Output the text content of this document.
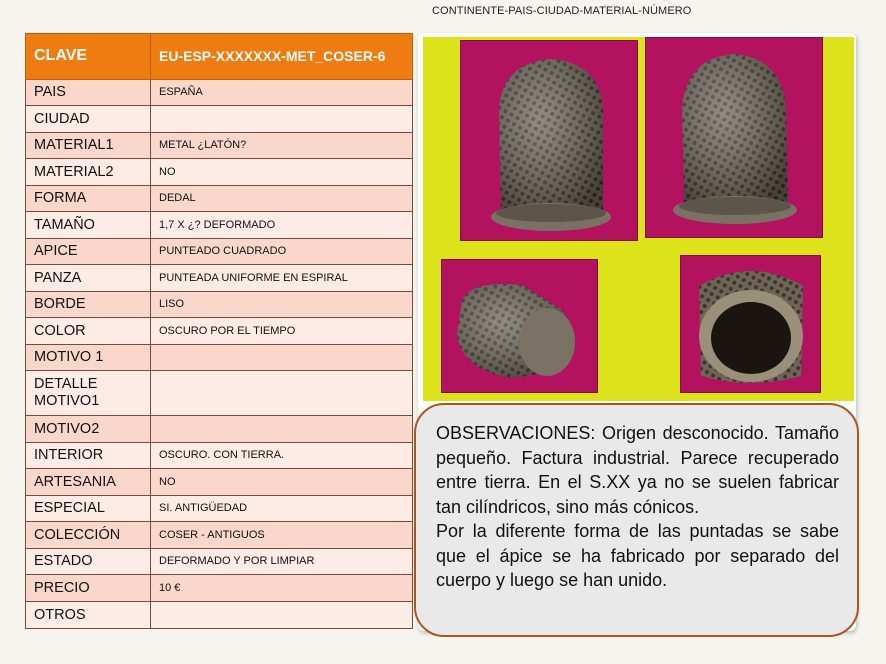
CONTINENTE-PAIS-CIUDAD-MATERIAL-NÚMERO
CLAVE	EU-ESP-XXXXXXX-MET_COSER-6
PAIS	ESPAÑA
CIUDAD	
MATERIAL1	METAL ¿LATÓN?
MATERIAL2	NO
FORMA	DEDAL
TAMAÑO	1,7 X ¿? DEFORMADO
APICE	PUNTEADO CUADRADO
PANZA	PUNTEADA UNIFORME EN ESPIRAL
BORDE	LISO
COLOR	OSCURO POR EL TIEMPO
MOTIVO 1	
DETALLE MOTIVO1	
MOTIVO2	
INTERIOR	OSCURO. CON TIERRA.
ARTESANIA	NO
ESPECIAL	SI. ANTIGÜEDAD
COLECCIÓN	COSER - ANTIGUOS
ESTADO	DEFORMADO Y POR LIMPIAR
PRECIO	10 €
OTROS	

OBSERVACIONES: Origen desconocido. Tamaño pequeño. Factura industrial. Parece recuperado entre tierra. En el S.XX ya no se suelen fabricar tan cilíndricos, sino más cónicos.

Por la diferente forma de las puntadas se sabe que el ápice se ha fabricado por separado del cuerpo y luego se han unido.
